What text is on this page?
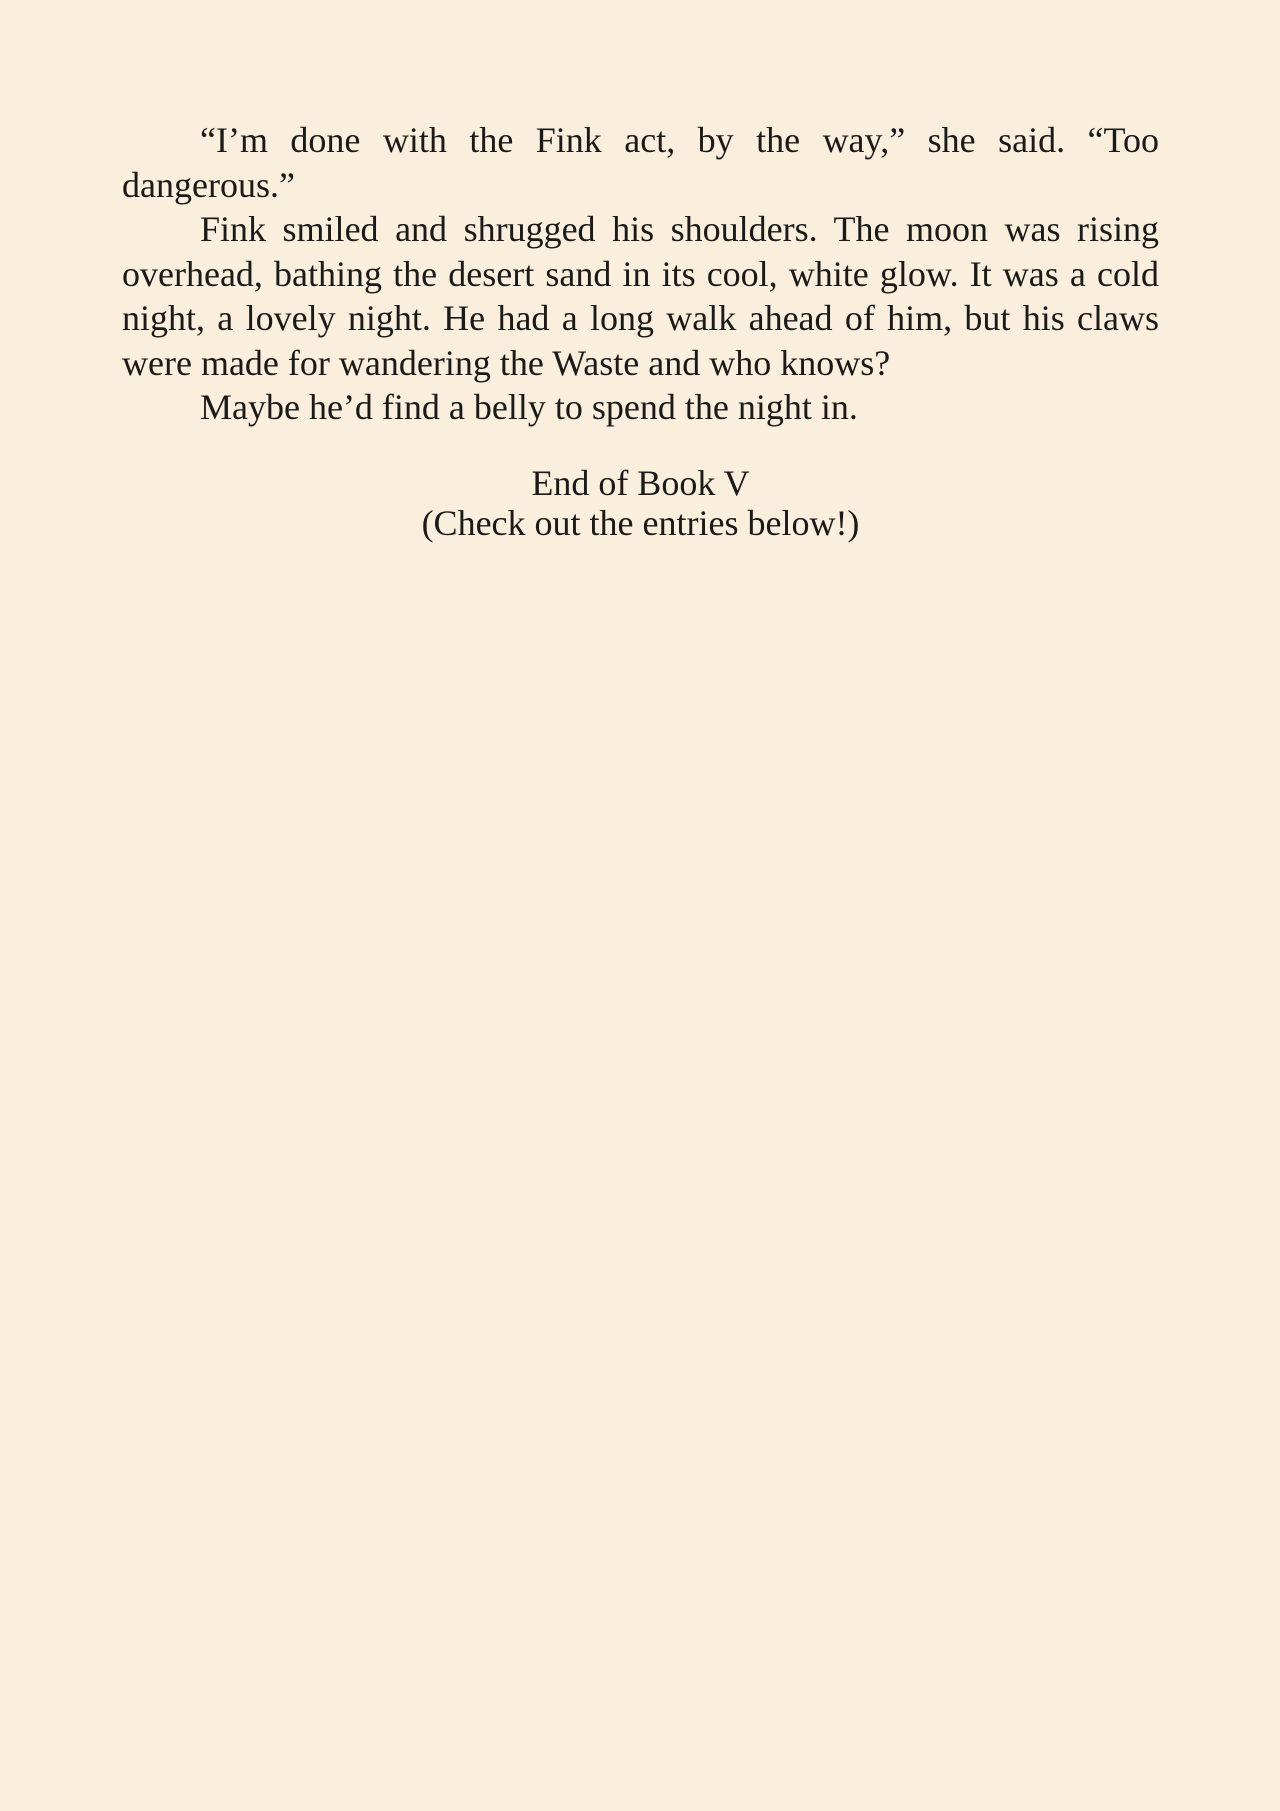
“I’m done with the Fink act, by the way,” she said. “Too dangerous.”

Fink smiled and shrugged his shoulders. The moon was rising overhead, bathing the desert sand in its cool, white glow. It was a cold night, a lovely night. He had a long walk ahead of him, but his claws were made for wandering the Waste and who knows?

Maybe he’d find a belly to spend the night in.

End of Book V
(Check out the entries below!)
